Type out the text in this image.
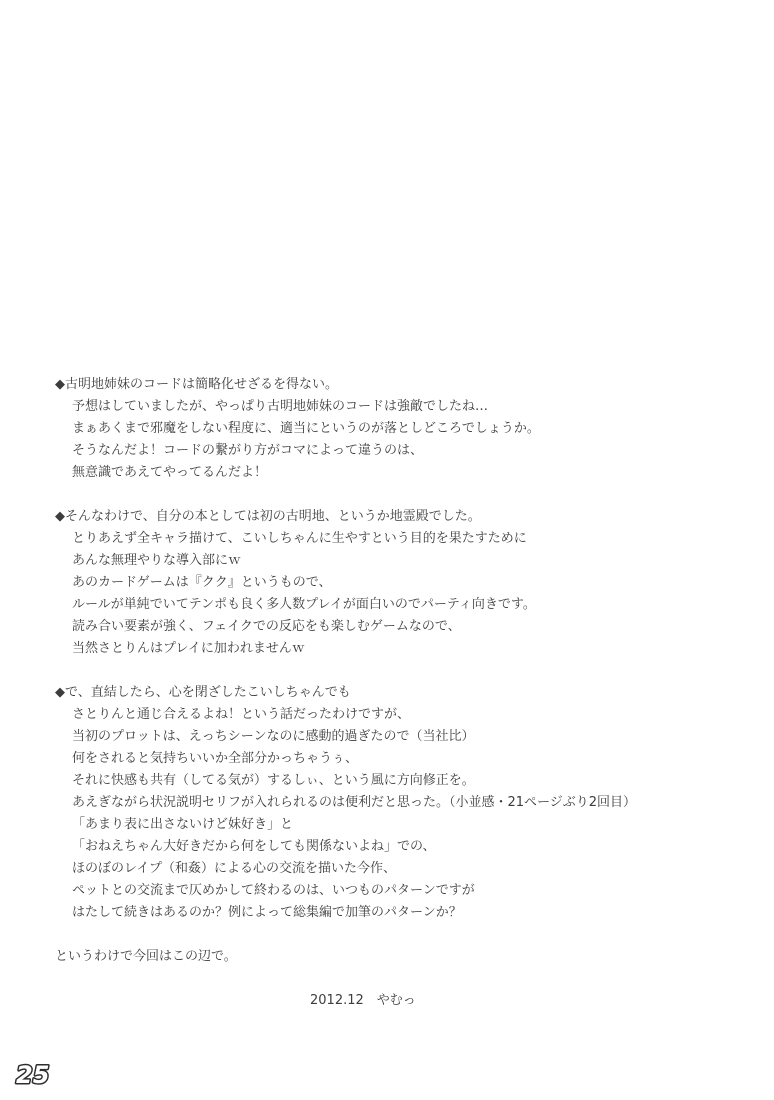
◆古明地姉妹のコードは簡略化せざるを得ない。
予想はしていましたが、やっぱり古明地姉妹のコードは強敵でしたね…
まぁあくまで邪魔をしない程度に、適当にというのが落としどころでしょうか。
そうなんだよ！コードの繋がり方がコマによって違うのは、
無意識であえてやってるんだよ！
◆そんなわけで、自分の本としては初の古明地、というか地霊殿でした。
とりあえず全キャラ描けて、こいしちゃんに生やすという目的を果たすために
あんな無理やりな導入部にｗ
あのカードゲームは『クク』というもので、
ルールが単純でいてテンポも良く多人数プレイが面白いのでパーティ向きです。
読み合い要素が強く、フェイクでの反応をも楽しむゲームなので、
当然さとりんはプレイに加われませんｗ
◆で、直結したら、心を閉ざしたこいしちゃんでも
さとりんと通じ合えるよね！という話だったわけですが、
当初のプロットは、えっちシーンなのに感動的過ぎたので（当社比）
何をされると気持ちいいか全部分かっちゃうぅ、
それに快感も共有（してる気が）するしぃ、という風に方向修正を。
あえぎながら状況説明セリフが入れられるのは便利だと思った。（小並感・21ページぶり2回目）
「あまり表に出さないけど妹好き」と
「おねえちゃん大好きだから何をしても関係ないよね」での、
ほのぼのレイプ（和姦）による心の交流を描いた今作、
ペットとの交流まで仄めかして終わるのは、いつものパターンですが
はたして続きはあるのか？例によって総集編で加筆のパターンか？
というわけで今回はこの辺で。
2012.12　やむっ
25
